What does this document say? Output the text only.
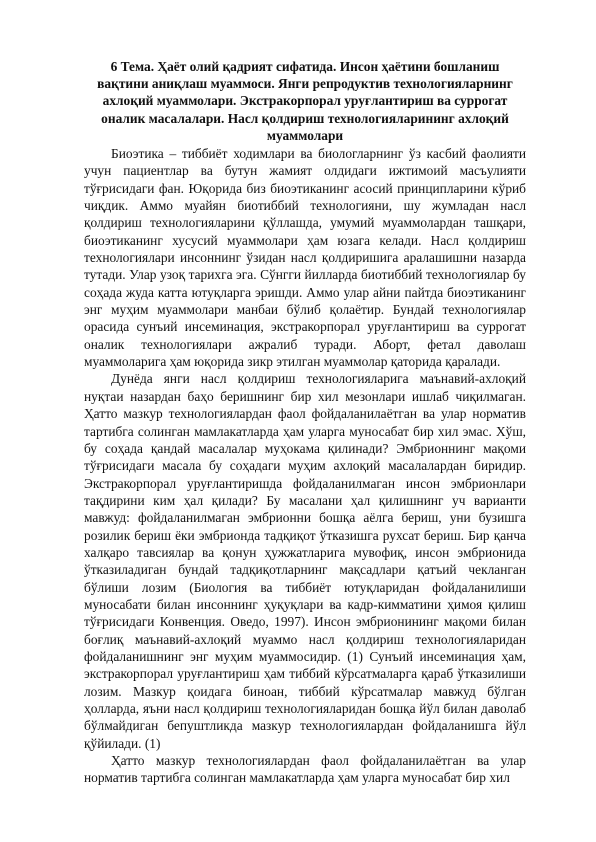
6 Тема. Ҳаёт олий қадрият сифатида. Инсон ҳаётини бошланиш вақтини аниқлаш муаммоси. Янги репродуктив технологияларнинг ахлоқий муаммолари. Экстракорпорал уруғлантириш ва суррогат оналик масалалари. Насл қолдириш технологияларининг ахлоқий муаммолари

Биоэтика – тиббиёт ходимлари ва биологларнинг ўз касбий фаолияти учун пациентлар ва бутун жамият олдидаги ижтимоий масъулияти тўғрисидаги фан. Юқорида биз биоэтиканинг асосий принципларини кўриб чиқдик. Аммо муайян биотиббий технологияни, шу жумладан насл қолдириш технологияларини қўллашда, умумий муаммолардан ташқари, биоэтиканинг хусусий муаммолари ҳам юзага келади. Насл қолдириш технологиялари инсоннинг ўзидан насл қолдиришига аралашишни назарда тутади. Улар узоқ тарихга эга. Сўнгги йилларда биотиббий технологиялар бу соҳада жуда катта ютуқларга эришди. Аммо улар айни пайтда биоэтиканинг энг муҳим муаммолари манбаи бўлиб қолаётир. Бундай технологиялар орасида сунъий инсеминация, экстракорпорал уруғлантириш ва суррогат оналик технологиялари ажралиб туради. Аборт, фетал даволаш муаммоларига ҳам юқорида зикр этилган муаммолар қаторида қаралади.

Дунёда янги насл қолдириш технологияларига маънавий-ахлоқий нуқтаи назардан баҳо беришнинг бир хил мезонлари ишлаб чиқилмаган. Ҳатто мазкур технологиялардан фаол фойдаланилаётган ва улар норматив тартибга солинган мамлакатларда ҳам уларга муносабат бир хил эмас. Хўш, бу соҳада қандай масалалар муҳокама қилинади? Эмбрионнинг мақоми тўғрисидаги масала бу соҳадаги муҳим ахлоқий масалалардан биридир. Экстракорпорал уруғлантиришда фойдаланилмаган инсон эмбрионлари тақдирини ким ҳал қилади? Бу масалани ҳал қилишнинг уч варианти мавжуд: фойдаланилмаган эмбрионни бошқа аёлга бериш, уни бузишга розилик бериш ёки эмбрионда тадқиқот ўтказишга рухсат бериш. Бир қанча халқаро тавсиялар ва қонун ҳужжатларига мувофиқ, инсон эмбрионида ўтказиладиган бундай тадқиқотларнинг мақсадлари қатъий чекланган бўлиши лозим (Биология ва тиббиёт ютуқларидан фойдаланилиши муносабати билан инсоннинг ҳуқуқлари ва кадр-кимматини ҳимоя қилиш тўғрисидаги Конвенция. Оведо, 1997). Инсон эмбрионининг мақоми билан боғлиқ маънавий-ахлоқий муаммо насл қолдириш технологияларидан фойдаланишнинг энг муҳим муаммосидир. (1) Сунъий инсеминация ҳам, экстракорпорал уруғлантириш ҳам тиббий кўрсатмаларга қараб ўтказилиши лозим. Мазкур қоидага биноан, тиббий кўрсатмалар мавжуд бўлган ҳолларда, яъни насл қолдириш технологияларидан бошқа йўл билан даволаб бўлмайдиган бепуштликда мазкур технологиялардан фойдаланишга йўл қўйилади. (1)

Ҳатто мазкур технологиялардан фаол фойдаланилаётган ва улар норматив тартибга солинган мамлакатларда ҳам уларга муносабат бир хил
